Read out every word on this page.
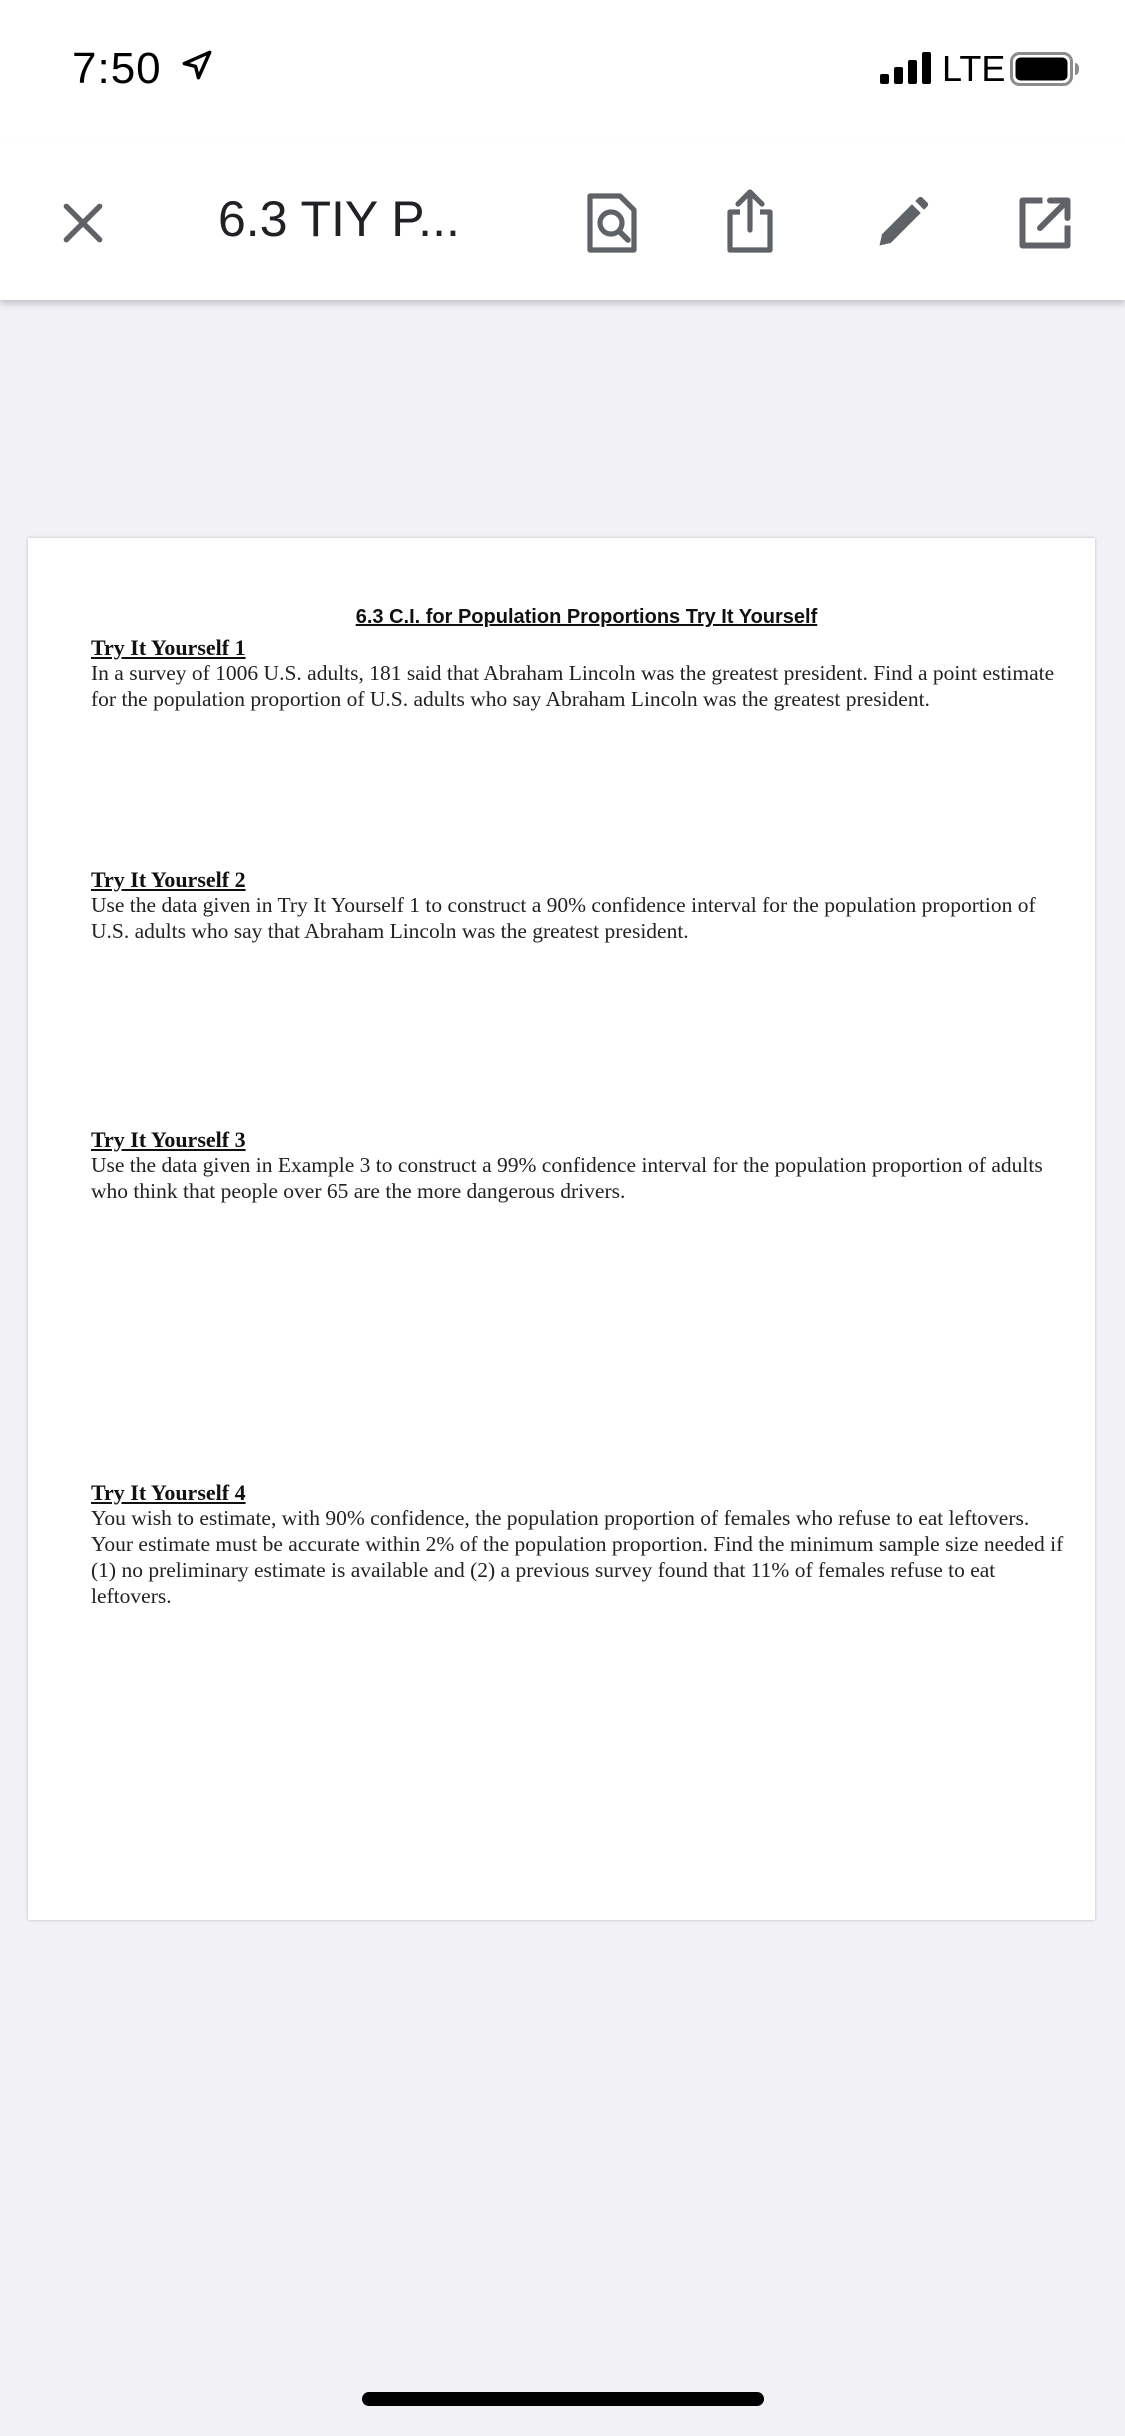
7:50	LTE
6.3 TIY P...
6.3 C.I. for Population Proportions Try It Yourself

Try It Yourself 1

In a survey of 1006 U.S. adults, 181 said that Abraham Lincoln was the greatest president. Find a point estimate for the population proportion of U.S. adults who say Abraham Lincoln was the greatest president.

Try It Yourself 2

Use the data given in Try It Yourself 1 to construct a 90% confidence interval for the population proportion of U.S. adults who say that Abraham Lincoln was the greatest president.

Try It Yourself 3

Use the data given in Example 3 to construct a 99% confidence interval for the population proportion of adults who think that people over 65 are the more dangerous drivers.

Try It Yourself 4

You wish to estimate, with 90% confidence, the population proportion of females who refuse to eat leftovers. Your estimate must be accurate within 2% of the population proportion. Find the minimum sample size needed if (1) no preliminary estimate is available and (2) a previous survey found that 11% of females refuse to eat leftovers.
